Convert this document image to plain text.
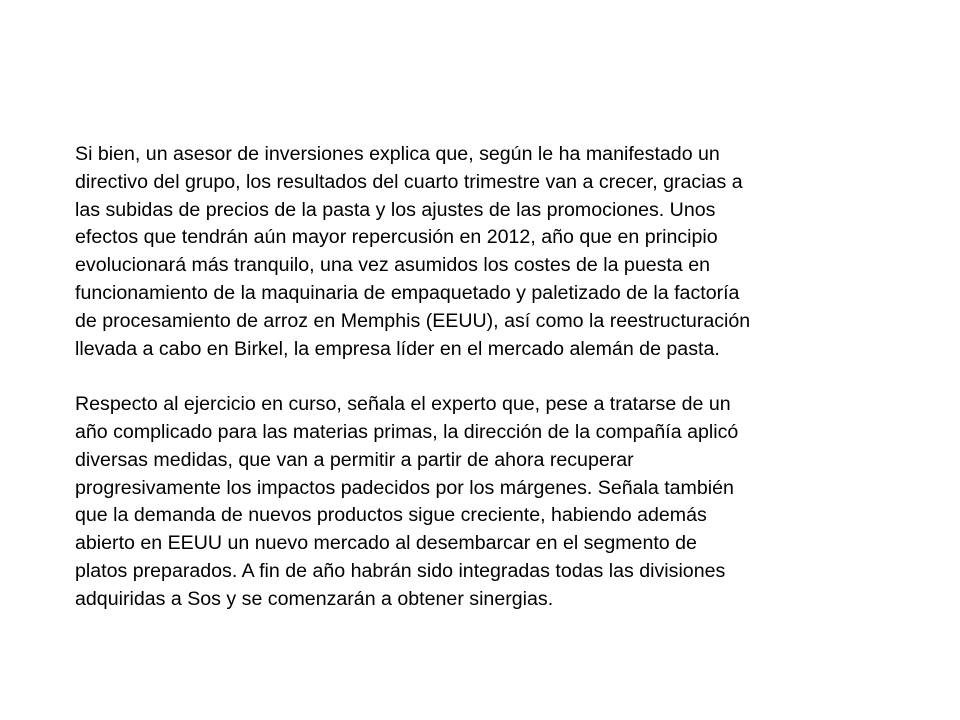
Si bien, un asesor de inversiones explica que, según le ha manifestado un
directivo del grupo, los resultados del cuarto trimestre van a crecer, gracias a
las subidas de precios de la pasta y los ajustes de las promociones. Unos
efectos que tendrán aún mayor repercusión en 2012, año que en principio
evolucionará más tranquilo, una vez asumidos los costes de la puesta en
funcionamiento de la maquinaria de empaquetado y paletizado de la factoría
de procesamiento de arroz en Memphis (EEUU), así como la reestructuración
llevada a cabo en Birkel, la empresa líder en el mercado alemán de pasta.
Respecto al ejercicio en curso, señala el experto que, pese a tratarse de un
año complicado para las materias primas, la dirección de la compañía aplicó
diversas medidas, que van a permitir a partir de ahora recuperar
progresivamente los impactos padecidos por los márgenes. Señala también
que la demanda de nuevos productos sigue creciente, habiendo además
abierto en EEUU un nuevo mercado al desembarcar en el segmento de
platos preparados. A fin de año habrán sido integradas todas las divisiones
adquiridas a Sos y se comenzarán a obtener sinergias.
